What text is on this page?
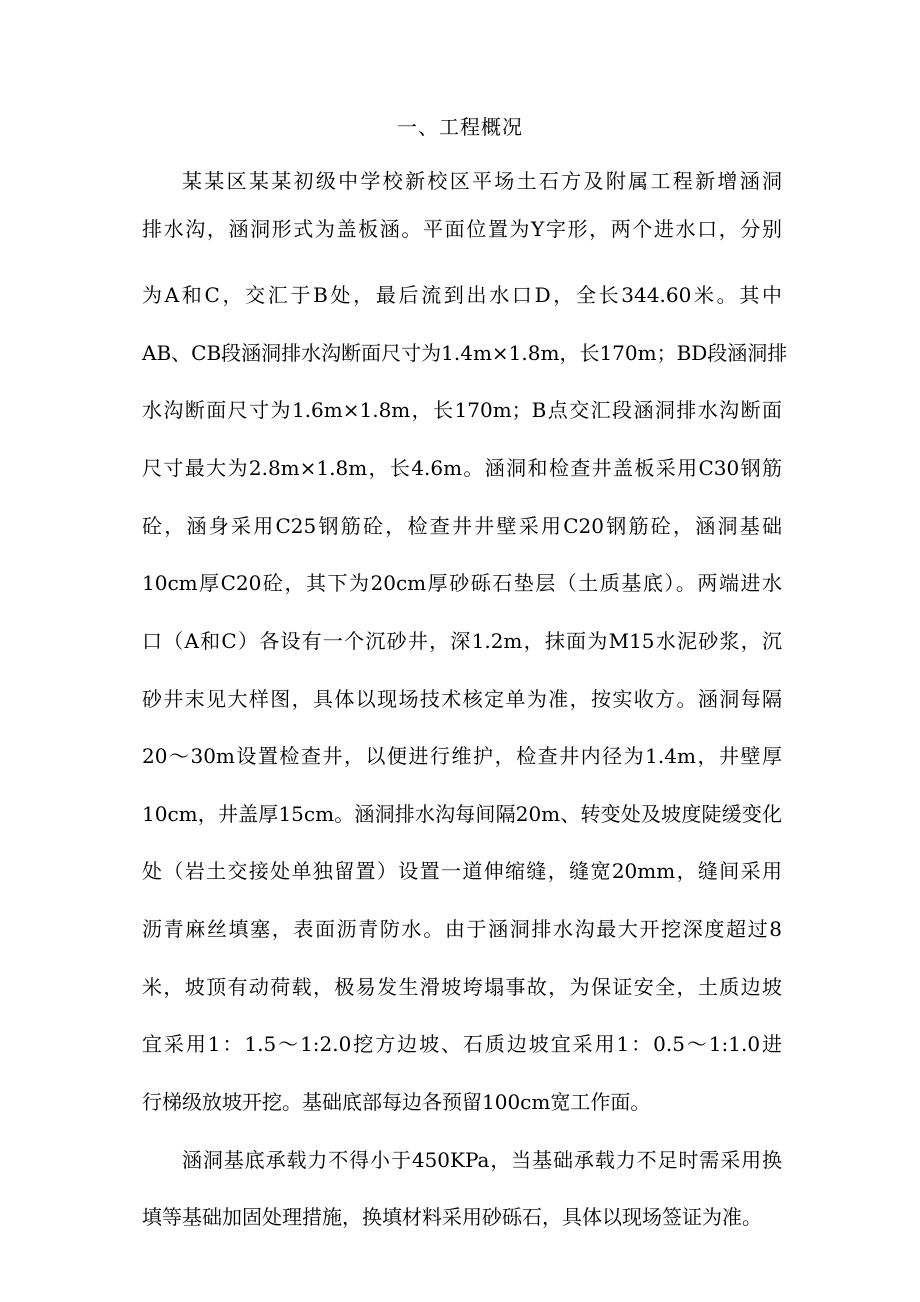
一、工程概况
某某区某某初级中学校新校区平场土石方及附属工程新增涵洞
排水沟，涵洞形式为盖板涵。平面位置为Y字形，两个进水口，分别
为A和C，交汇于B处，最后流到出水口D，全长344.60米。其中
AB、CB段涵洞排水沟断面尺寸为1.4m×1.8m，长170m；BD段涵洞排
水沟断面尺寸为1.6m×1.8m，长170m；B点交汇段涵洞排水沟断面
尺寸最大为2.8m×1.8m，长4.6m。涵洞和检查井盖板采用C30钢筋
砼，涵身采用C25钢筋砼，检查井井壁采用C20钢筋砼，涵洞基础
10cm厚C20砼，其下为20cm厚砂砾石垫层（土质基底）。两端进水
口（A和C）各设有一个沉砂井，深1.2m，抹面为M15水泥砂浆，沉
砂井末见大样图，具体以现场技术核定单为准，按实收方。涵洞每隔
20～30m设置检查井，以便进行维护，检查井内径为1.4m，井壁厚
10cm，井盖厚15cm。涵洞排水沟每间隔20m、转变处及坡度陡缓变化
处（岩土交接处单独留置）设置一道伸缩缝，缝宽20mm，缝间采用
沥青麻丝填塞，表面沥青防水。由于涵洞排水沟最大开挖深度超过8
米，坡顶有动荷载，极易发生滑坡垮塌事故，为保证安全，土质边坡
宜采用1：1.5～1:2.0挖方边坡、石质边坡宜采用1：0.5～1:1.0进
行梯级放坡开挖。基础底部每边各预留100cm宽工作面。
涵洞基底承载力不得小于450KPa，当基础承载力不足时需采用换
填等基础加固处理措施，换填材料采用砂砾石，具体以现场签证为准。
